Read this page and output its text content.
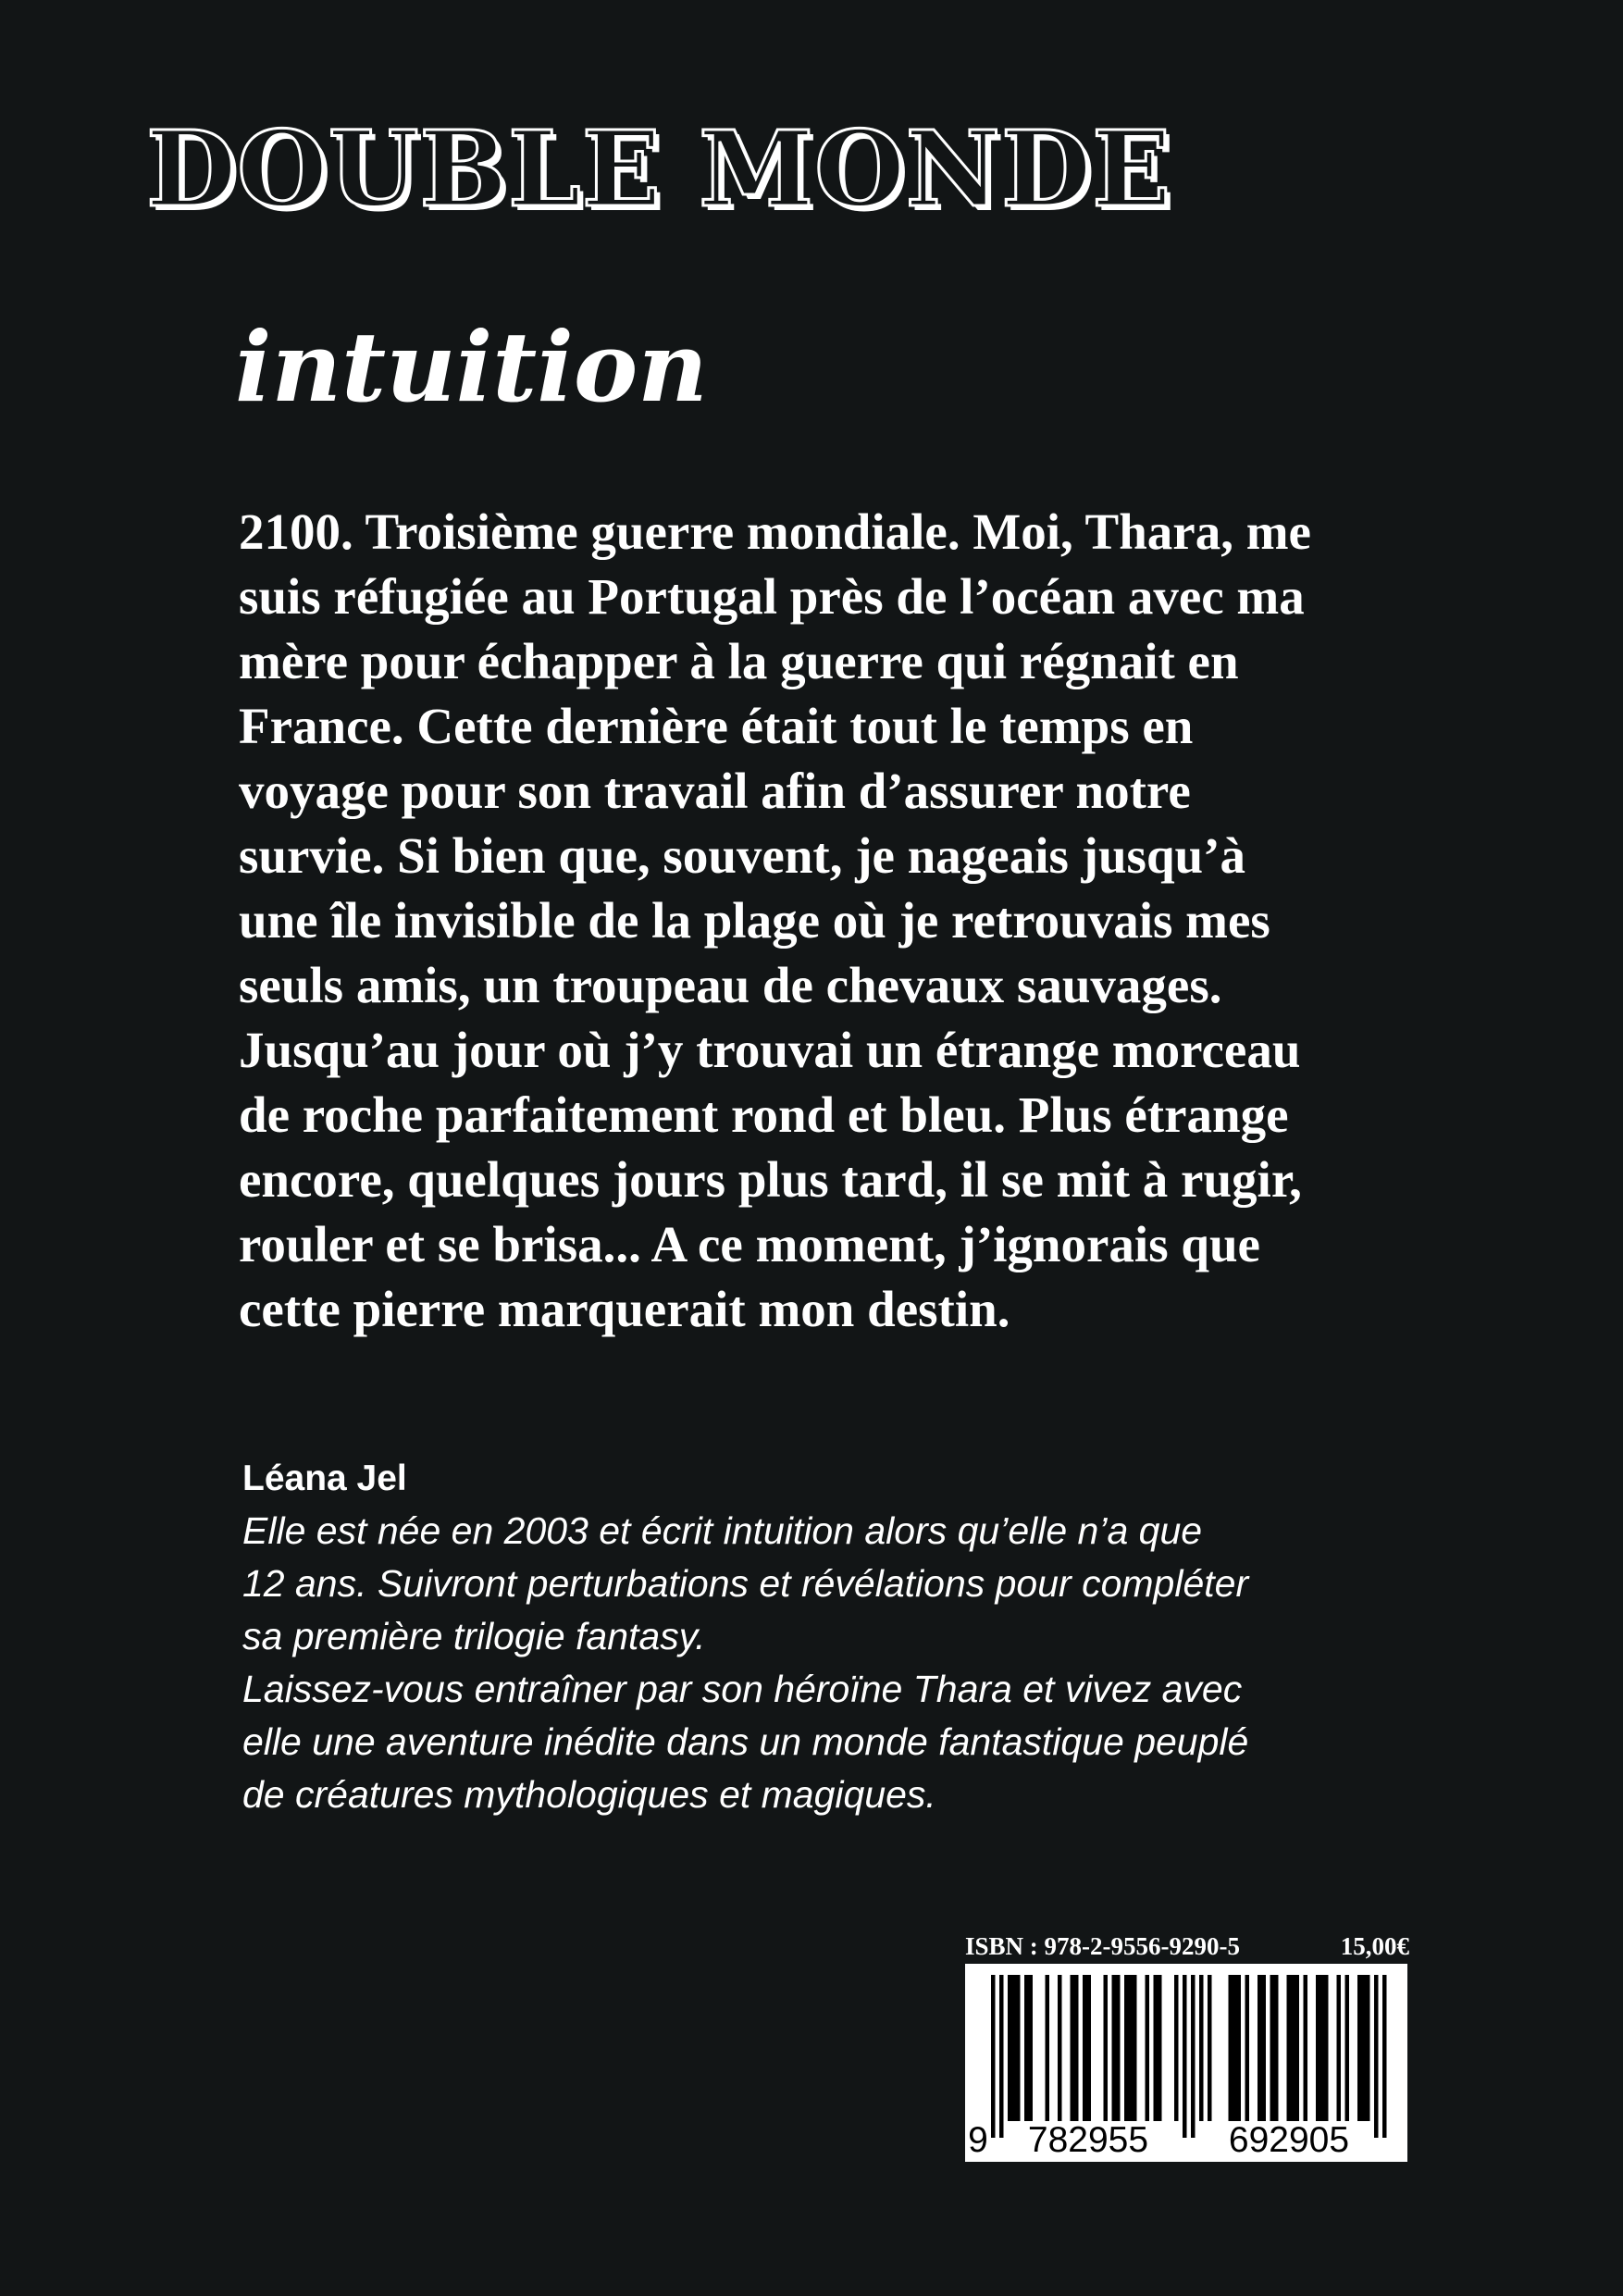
DOUBLE MONDE
intuition
2100. Troisième guerre mondiale. Moi, Thara, me
suis réfugiée au Portugal près de l’océan avec ma
mère pour échapper à la guerre qui régnait en
France. Cette dernière était tout le temps en
voyage pour son travail afin d’assurer notre
survie. Si bien que, souvent, je nageais jusqu’à
une île invisible de la plage où je retrouvais mes
seuls amis, un troupeau de chevaux sauvages.
Jusqu’au jour où j’y trouvai un étrange morceau
de roche parfaitement rond et bleu. Plus étrange
encore, quelques jours plus tard, il se mit à rugir,
rouler et se brisa... A ce moment, j’ignorais que
cette pierre marquerait mon destin.
Léana Jel
Elle est née en 2003 et écrit intuition alors qu’elle n’a que
12 ans. Suivront perturbations et révélations pour compléter
sa première trilogie fantasy.
Laissez-vous entraîner par son héroïne Thara et vivez avec
elle une aventure inédite dans un monde fantastique peuplé
de créatures mythologiques et magiques.
ISBN : 978-2-9556-9290-5	15,00€
9 782955 692905
